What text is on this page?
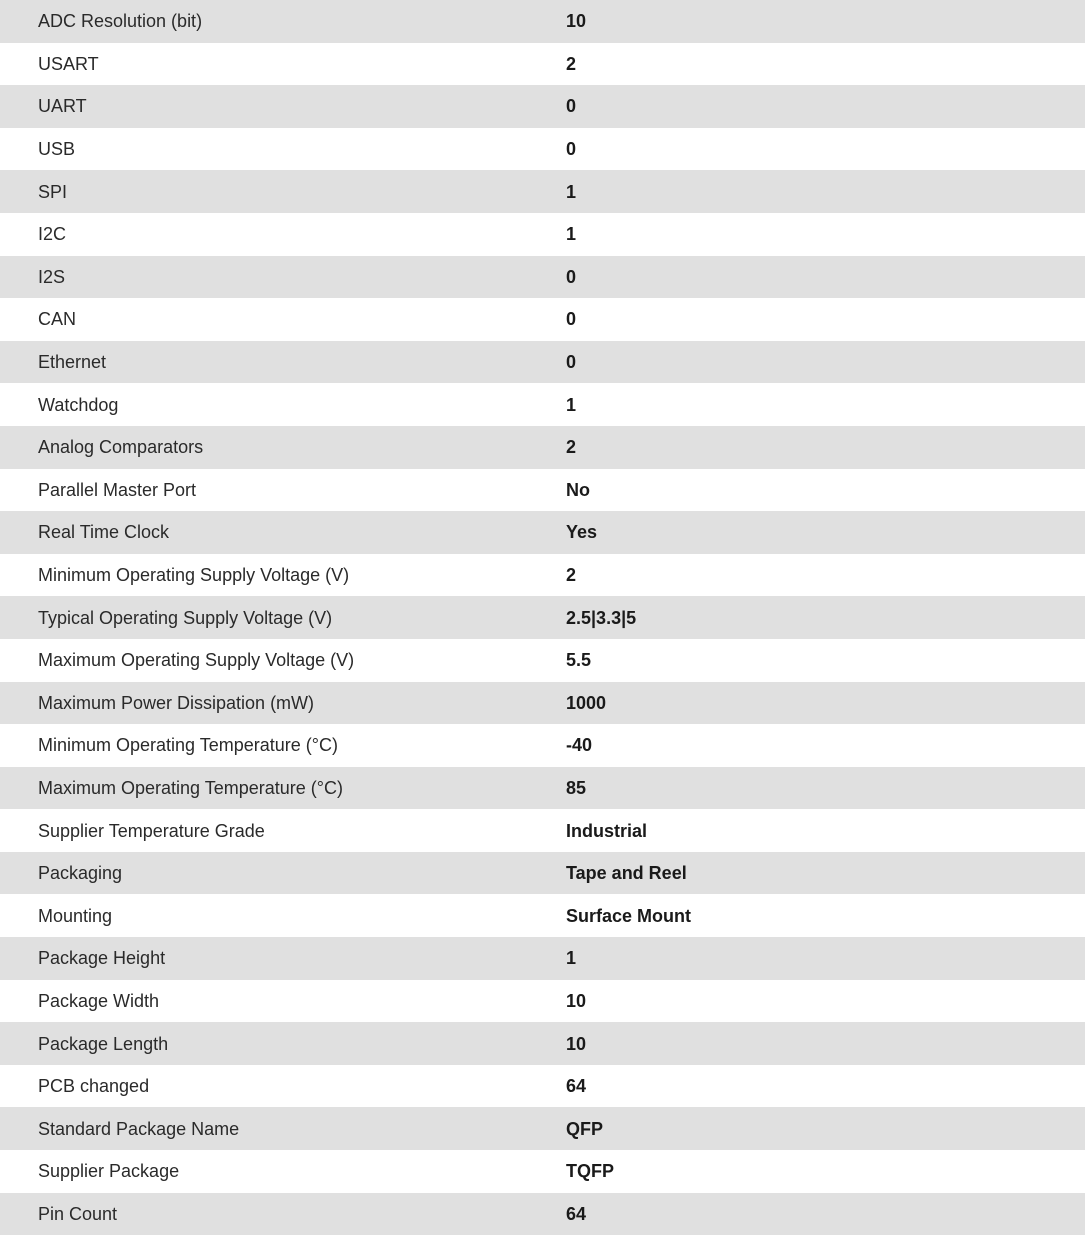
ADC Resolution (bit)	10
USART	2
UART	0
USB	0
SPI	1
I2C	1
I2S	0
CAN	0
Ethernet	0
Watchdog	1
Analog Comparators	2
Parallel Master Port	No
Real Time Clock	Yes
Minimum Operating Supply Voltage (V)	2
Typical Operating Supply Voltage (V)	2.5|3.3|5
Maximum Operating Supply Voltage (V)	5.5
Maximum Power Dissipation (mW)	1000
Minimum Operating Temperature (°C)	-40
Maximum Operating Temperature (°C)	85
Supplier Temperature Grade	Industrial
Packaging	Tape and Reel
Mounting	Surface Mount
Package Height	1
Package Width	10
Package Length	10
PCB changed	64
Standard Package Name	QFP
Supplier Package	TQFP
Pin Count	64
